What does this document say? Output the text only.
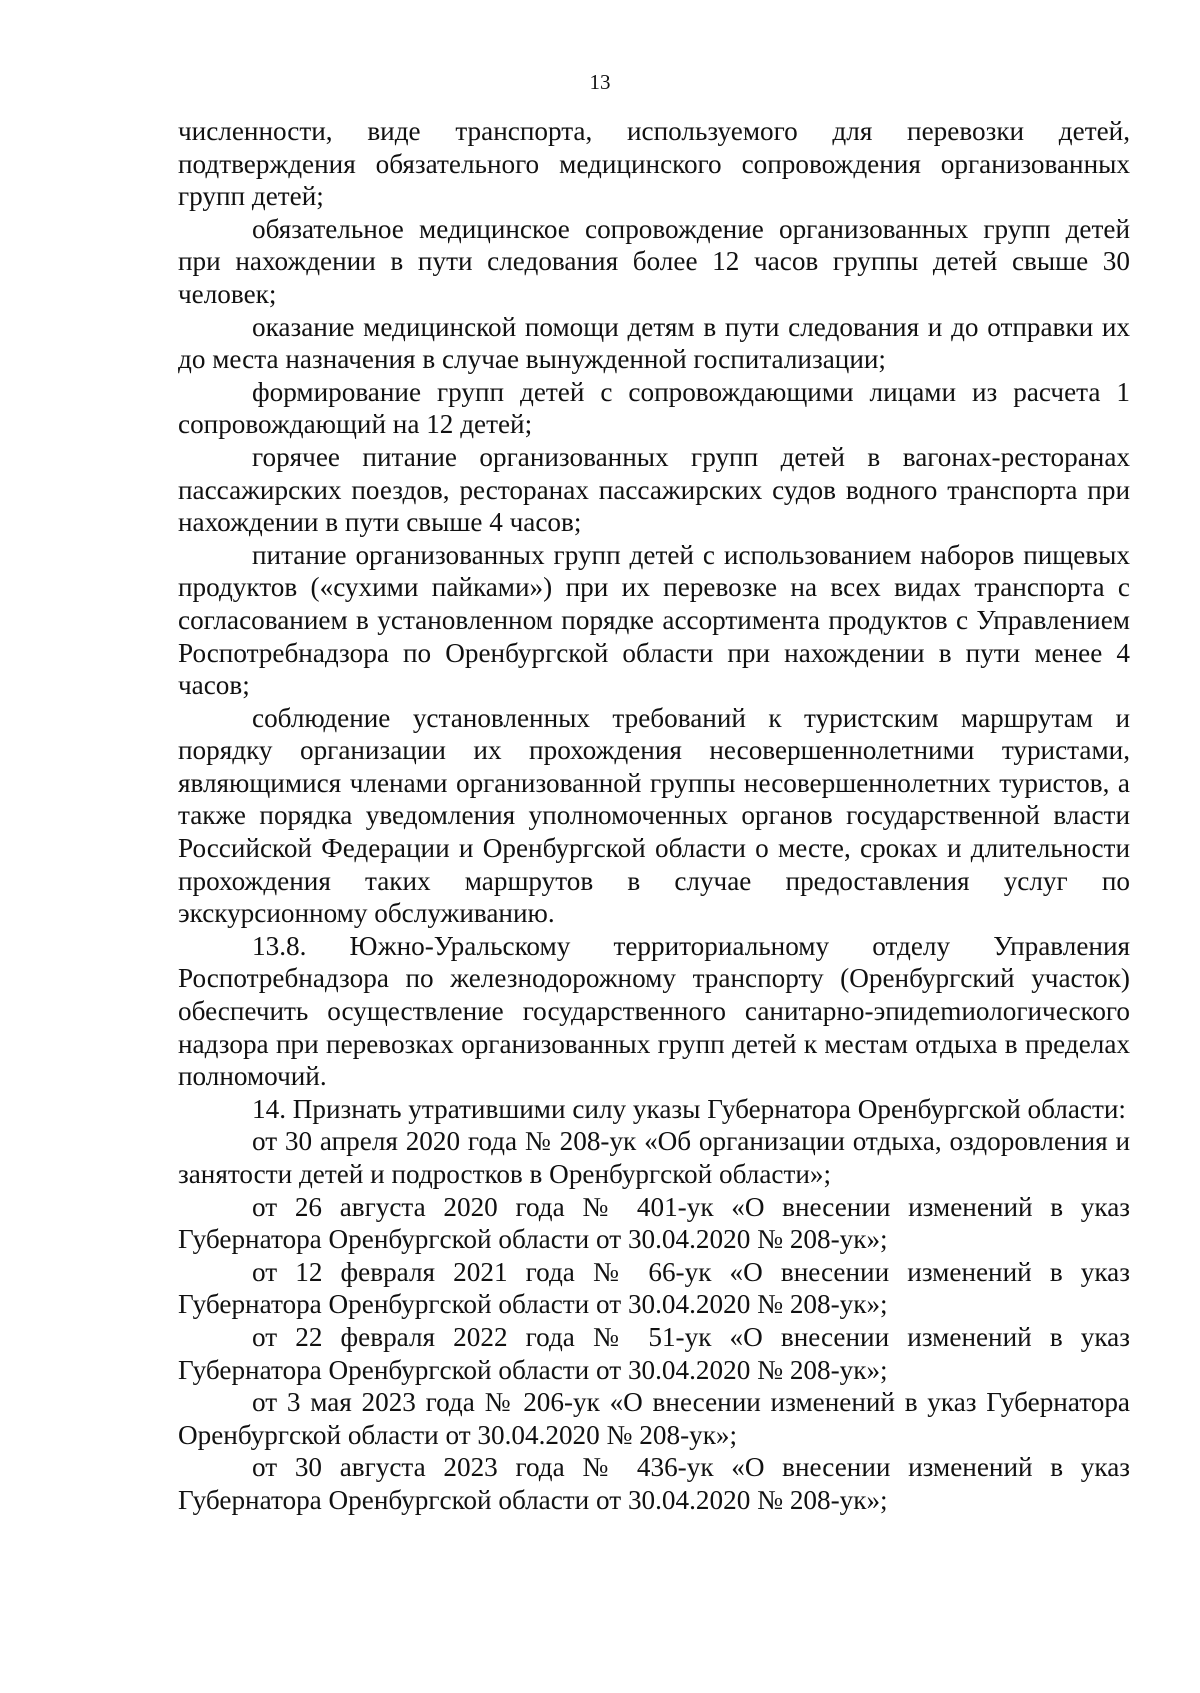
13

численности, виде транспорта, используемого для перевозки детей, подтверждения обязательного медицинского сопровождения организованных групп детей;

обязательное медицинское сопровождение организованных групп детей при нахождении в пути следования более 12 часов группы детей свыше 30 человек;

оказание медицинской помощи детям в пути следования и до отправки их до места назначения в случае вынужденной госпитализации;

формирование групп детей с сопровождающими лицами из расчета 1 сопровождающий на 12 детей;

горячее питание организованных групп детей в вагонах-ресторанах пассажирских поездов, ресторанах пассажирских судов водного транспорта при нахождении в пути свыше 4 часов;

питание организованных групп детей с использованием наборов пищевых продуктов («сухими пайками») при их перевозке на всех видах транспорта с согласованием в установленном порядке ассортимента продуктов с Управлением Роспотребнадзора по Оренбургской области при нахождении в пути менее 4 часов;

соблюдение установленных требований к туристским маршрутам и порядку организации их прохождения несовершеннолетними туристами, являющимися членами организованной группы несовершеннолетних туристов, а также порядка уведомления уполномоченных органов государственной власти Российской Федерации и Оренбургской области о месте, сроках и длительности прохождения таких маршрутов в случае предоставления услуг по экскурсионному обслуживанию.

13.8. Южно-Уральскому территориальному отделу Управления Роспотребнадзора по железнодорожному транспорту (Оренбургский участок) обеспечить осуществление государственного санитарно-эпидеmиологического надзора при перевозках организованных групп детей к местам отдыха в пределах полномочий.

14. Признать утратившими силу указы Губернатора Оренбургской области:

от 30 апреля 2020 года № 208-ук «Об организации отдыха, оздоровления и занятости детей и подростков в Оренбургской области»;

от 26 августа 2020 года № 401-ук «О внесении изменений в указ Губернатора Оренбургской области от 30.04.2020 № 208-ук»;

от 12 февраля 2021 года № 66-ук «О внесении изменений в указ Губернатора Оренбургской области от 30.04.2020 № 208-ук»;

от 22 февраля 2022 года № 51-ук «О внесении изменений в указ Губернатора Оренбургской области от 30.04.2020 № 208-ук»;

от 3 мая 2023 года № 206-ук «О внесении изменений в указ Губернатора Оренбургской области от 30.04.2020 № 208-ук»;

от 30 августа 2023 года № 436-ук «О внесении изменений в указ Губернатора Оренбургской области от 30.04.2020 № 208-ук»;
